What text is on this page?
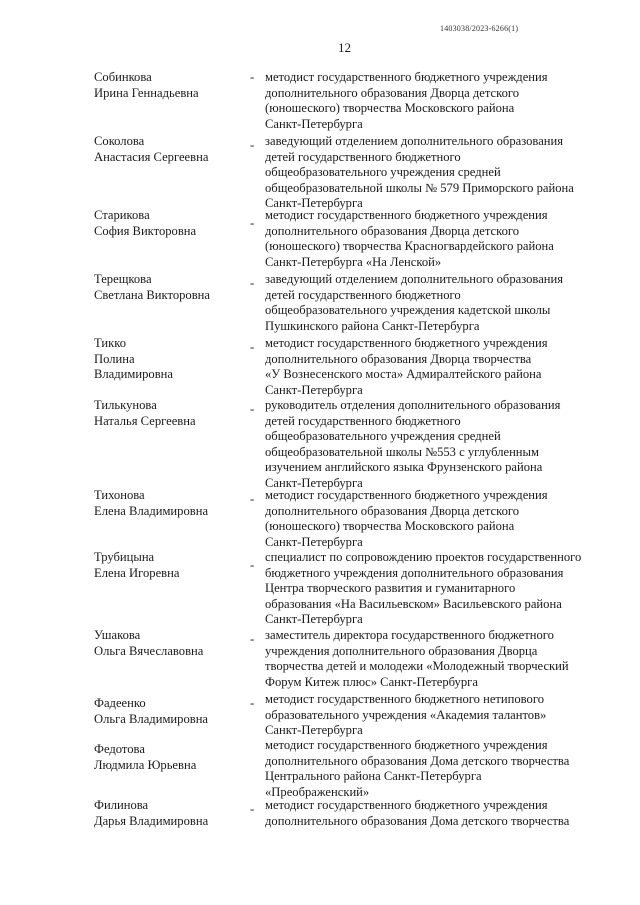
1403038/2023-6266(1)
12
Собинкова
Ирина Геннадьевна
- методист государственного бюджетного учреждения
дополнительного образования Дворца детского
(юношеского) творчества Московского района
Санкт-Петербурга
Соколова
Анастасия Сергеевна
- заведующий отделением дополнительного образования
детей государственного бюджетного
общеобразовательного учреждения средней
общеобразовательной школы № 579 Приморского района
Санкт-Петербурга
Старикова
София Викторовна
-
методист государственного бюджетного учреждения
дополнительного образования Дворца детского
(юношеского) творчества Красногвардейского района
Санкт-Петербурга «На Ленской»
Терещкова
Светлана Викторовна
- заведующий отделением дополнительного образования
детей государственного бюджетного
общеобразовательного учреждения кадетской школы
Пушкинского района Санкт-Петербурга
Тикко
Полина
Владимировна
- методист государственного бюджетного учреждения
дополнительного образования Дворца творчества
«У Вознесенского моста» Адмиралтейского района
Санкт-Петербурга
Тилькунова
Наталья Сергеевна
- руководитель отделения дополнительного образования
детей государственного бюджетного
общеобразовательного учреждения средней
общеобразовательной школы №553 с углубленным
изучением английского языка Фрунзенского района
Санкт-Петербурга
Тихонова
Елена Владимировна
- методист государственного бюджетного учреждения
дополнительного образования Дворца детского
(юношеского) творчества Московского района
Санкт-Петербурга
Трубицына
Елена Игоревна
-
специалист по сопровождению проектов государственного
бюджетного учреждения дополнительного образования
Центра творческого развития и гуманитарного
образования «На Васильевском» Васильевского района
Санкт-Петербурга
Ушакова
Ольга Вячеславовна
- заместитель директора государственного бюджетного
учреждения дополнительного образования Дворца
творчества детей и молодежи «Молодежный творческий
Форум Китеж плюс» Санкт-Петербурга
Фадеенко
Ольга Владимировна
- методист государственного бюджетного нетипового
образовательного учреждения «Академия талантов»
Санкт-Петербурга
Федотова
Людмила Юрьевна
методист государственного бюджетного учреждения
дополнительного образования Дома детского творчества
Центрального района Санкт-Петербурга
«Преображенский»
Филинова
Дарья Владимировна
- методист государственного бюджетного учреждения
дополнительного образования Дома детского творчества
